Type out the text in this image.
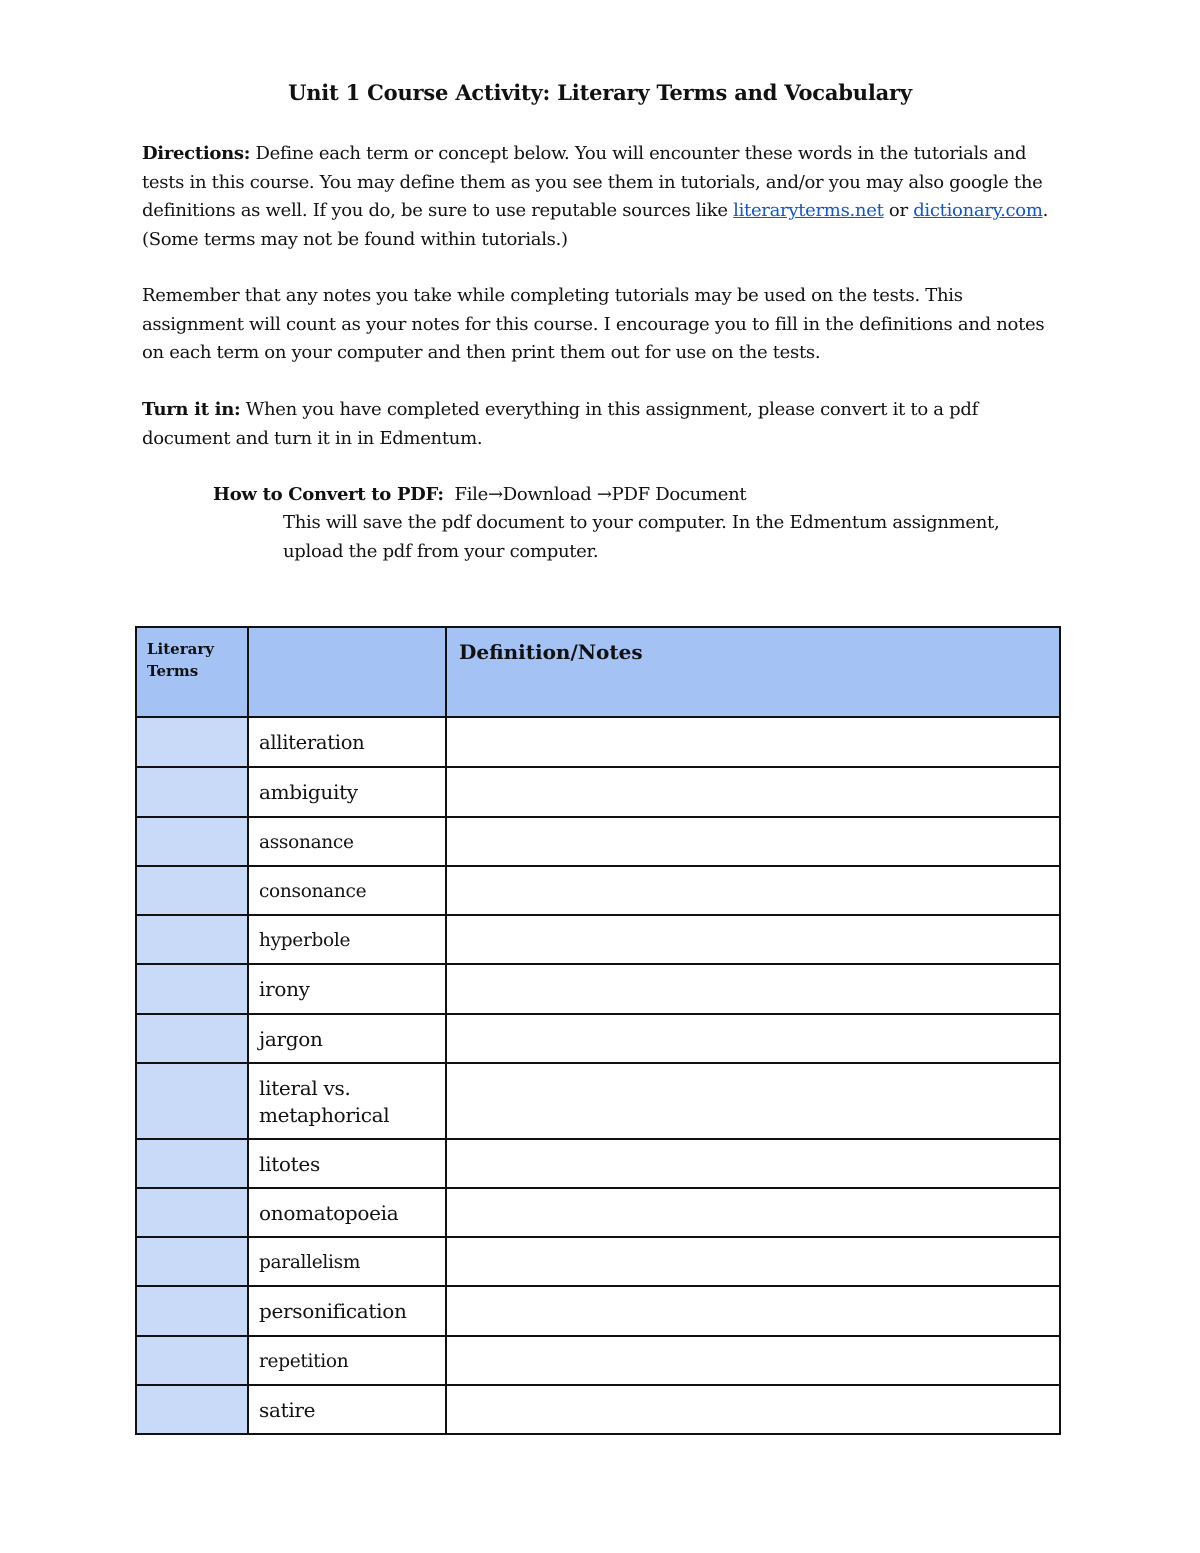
Unit 1 Course Activity: Literary Terms and Vocabulary
Directions: Define each term or concept below. You will encounter these words in the tutorials and tests in this course. You may define them as you see them in tutorials, and/or you may also google the definitions as well. If you do, be sure to use reputable sources like literaryterms.net or dictionary.com. (Some terms may not be found within tutorials.)
Remember that any notes you take while completing tutorials may be used on the tests. This assignment will count as your notes for this course. I encourage you to fill in the definitions and notes on each term on your computer and then print them out for use on the tests.
Turn it in: When you have completed everything in this assignment, please convert it to a pdf document and turn it in in Edmentum.
How to Convert to PDF:  File→Download →PDF Document
This will save the pdf document to your computer. In the Edmentum assignment, upload the pdf from your computer.
Literary Terms		Definition/Notes
	alliteration	
	ambiguity	
	assonance	
	consonance	
	hyperbole	
	irony	
	jargon	
	literal vs. metaphorical	
	litotes	
	onomatopoeia	
	parallelism	
	personification	
	repetition	
	satire	
